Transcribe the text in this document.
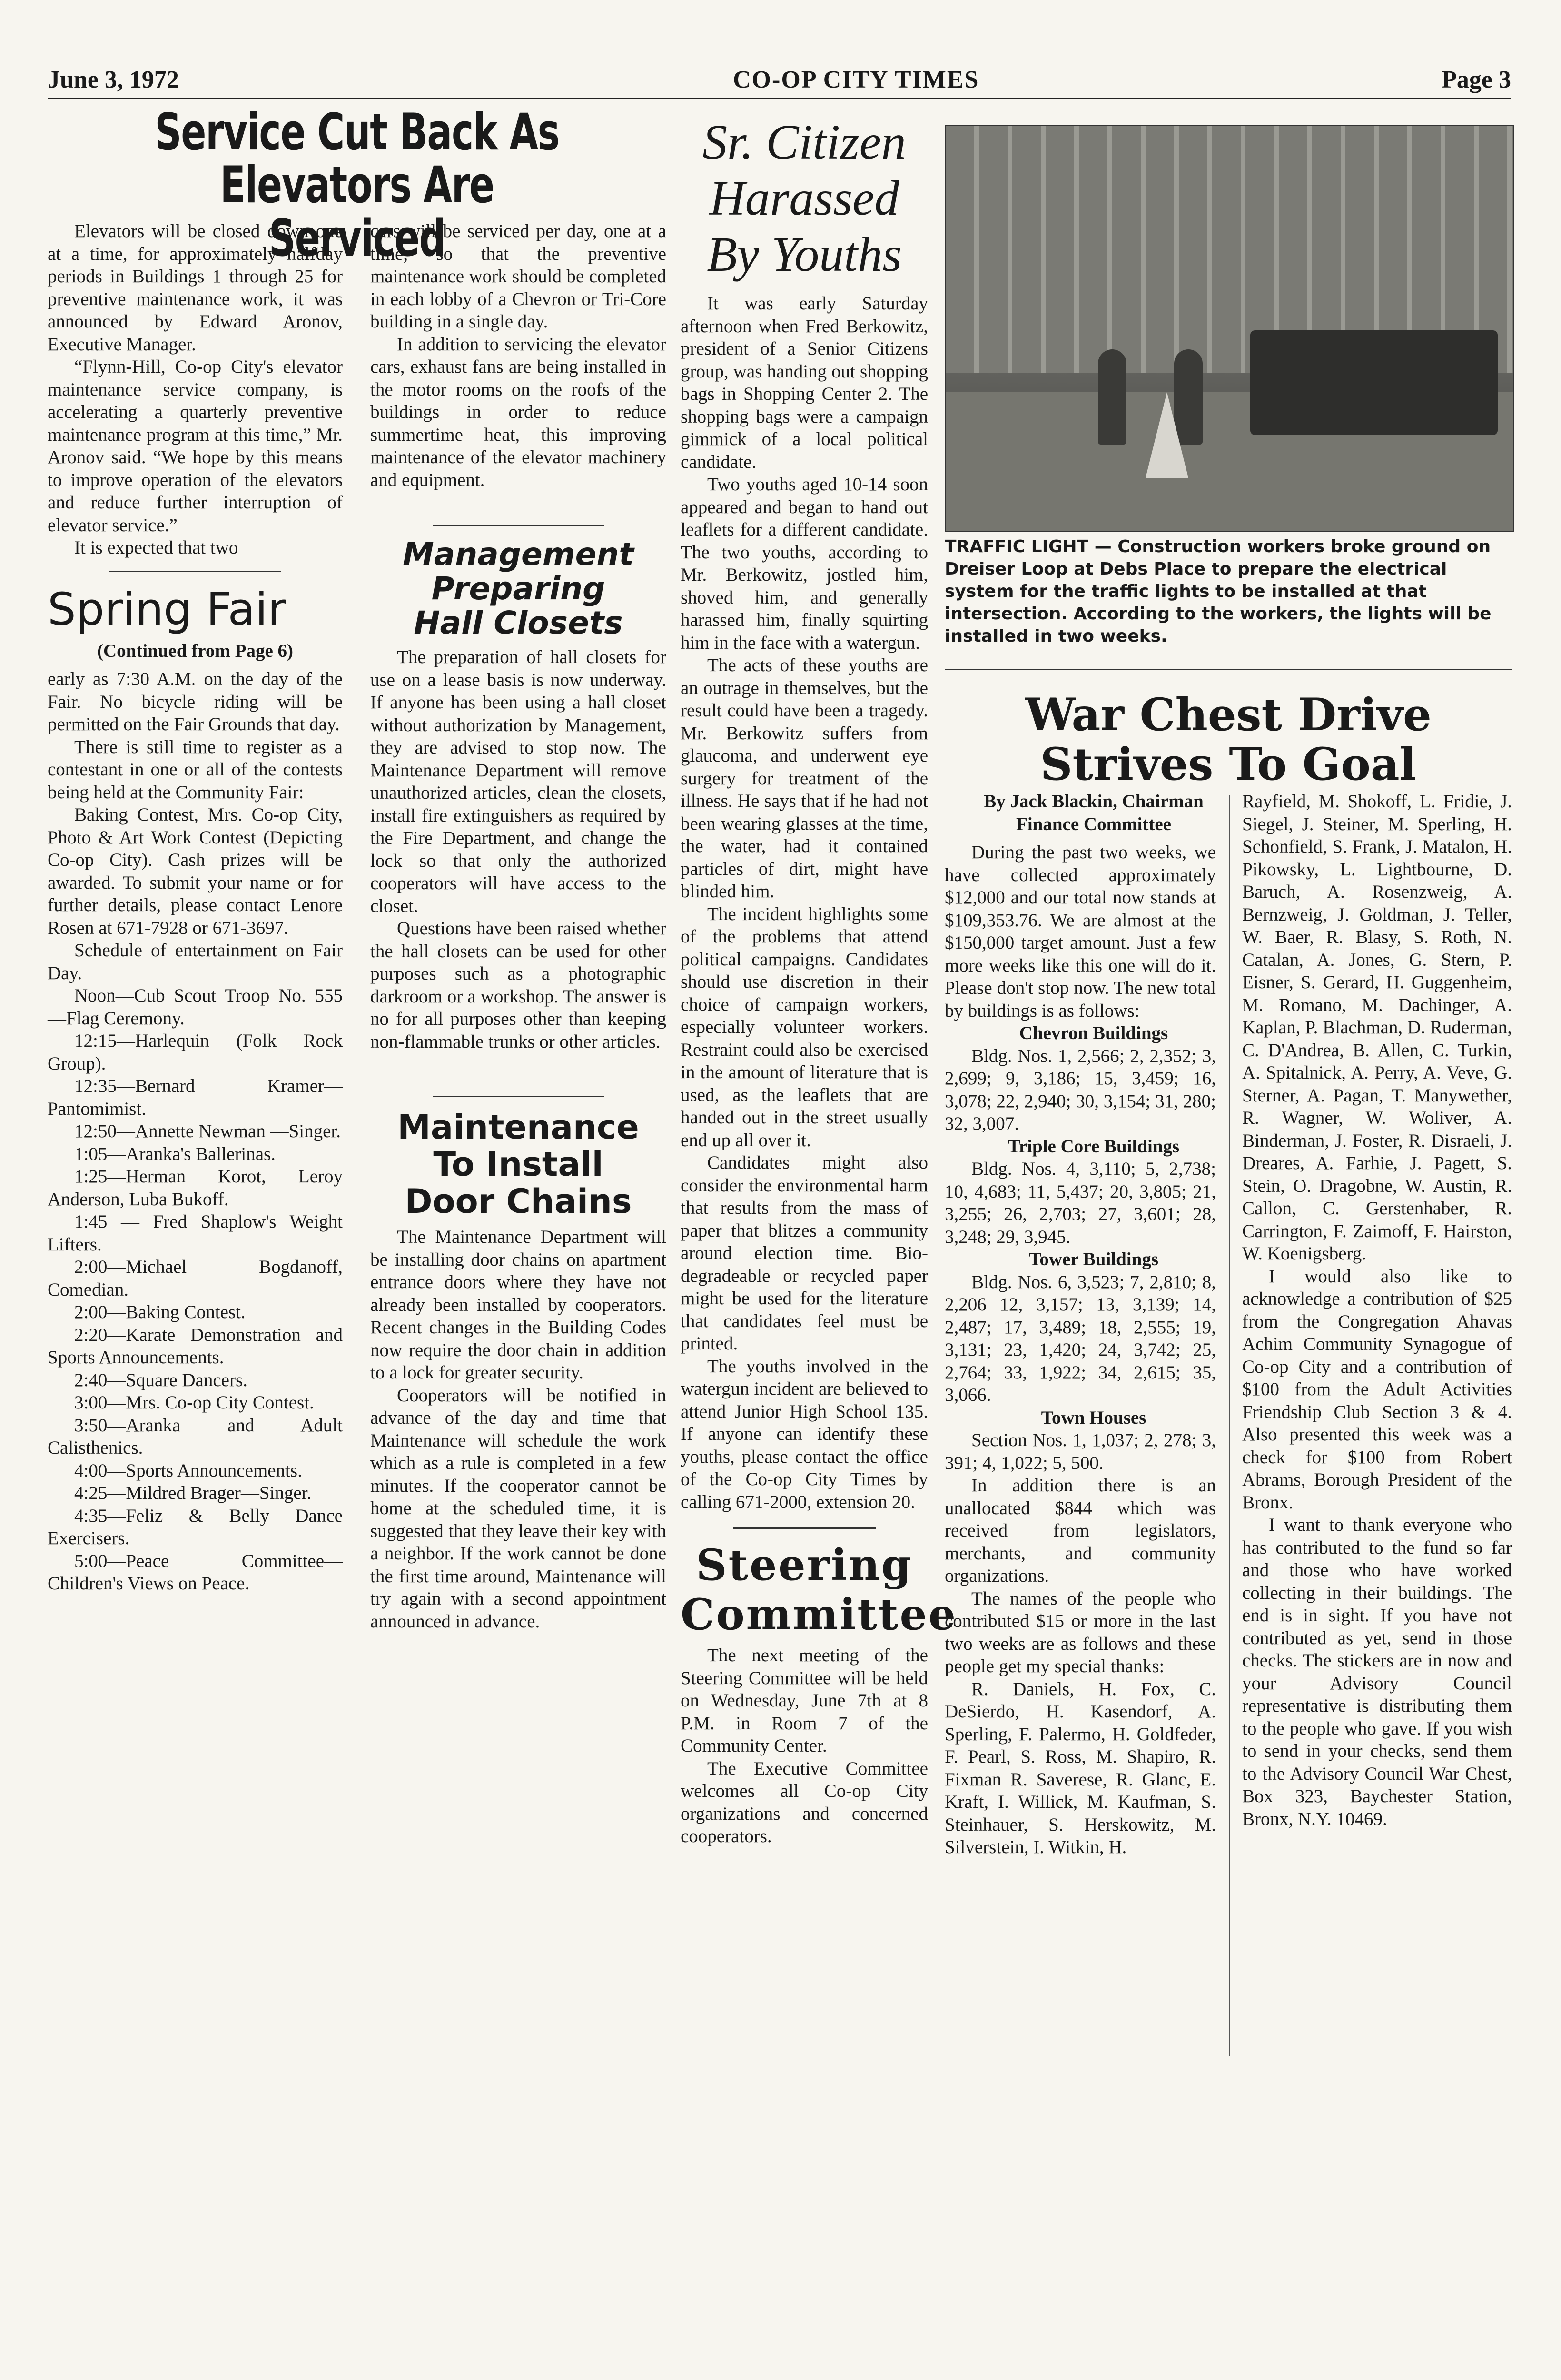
June 3, 1972	CO-OP CITY TIMES	Page 3
Service Cut Back As
Elevators Are Serviced

Elevators will be closed down one at a time, for approximately halfday periods in Buildings 1 through 25 for preventive maintenance work, it was announced by Edward Aronov, Executive Manager.

“Flynn-Hill, Co-op City's elevator maintenance service company, is accelerating a quarterly preventive maintenance program at this time,” Mr. Aronov said. “We hope by this means to improve operation of the elevators and reduce further interruption of elevator service.”

It is expected that two

Spring Fair

(Continued from Page 6)

early as 7:30 A.M. on the day of the Fair. No bicycle riding will be permitted on the Fair Grounds that day.

There is still time to register as a contestant in one or all of the contests being held at the Community Fair:

Baking Contest, Mrs. Co-op City, Photo & Art Work Contest (Depicting Co-op City). Cash prizes will be awarded. To submit your name or for further details, please contact Lenore Rosen at 671-7928 or 671-3697.

Schedule of entertainment on Fair Day.

Noon—Cub Scout Troop No. 555—Flag Ceremony.

12:15—Harlequin (Folk Rock Group).

12:35—Bernard Kramer—Pantomimist.

12:50—Annette Newman —Singer.

1:05—Aranka's Ballerinas.

1:25—Herman Korot, Leroy Anderson, Luba Bukoff.

1:45 — Fred Shaplow's Weight Lifters.

2:00—Michael Bogdanoff, Comedian.

2:00—Baking Contest.

2:20—Karate Demonstration and Sports Announcements.

2:40—Square Dancers.

3:00—Mrs. Co-op City Contest.

3:50—Aranka and Adult Calisthenics.

4:00—Sports Announcements.

4:25—Mildred Brager—Singer.

4:35—Feliz & Belly Dance Exercisers.

5:00—Peace Committee—Children's Views on Peace.

cars will be serviced per day, one at a time, so that the preventive maintenance work should be completed in each lobby of a Chevron or Tri-Core building in a single day.

In addition to servicing the elevator cars, exhaust fans are being installed in the motor rooms on the roofs of the buildings in order to reduce summertime heat, this improving maintenance of the elevator machinery and equipment.

Management
Preparing
Hall Closets

The preparation of hall closets for use on a lease basis is now underway. If anyone has been using a hall closet without authorization by Management, they are advised to stop now. The Maintenance Department will remove unauthorized articles, clean the closets, install fire extinguishers as required by the Fire Department, and change the lock so that only the authorized cooperators will have access to the closet.

Questions have been raised whether the hall closets can be used for other purposes such as a photographic darkroom or a workshop. The answer is no for all purposes other than keeping non-flammable trunks or other articles.

Maintenance
To Install
Door Chains

The Maintenance Department will be installing door chains on apartment entrance doors where they have not already been installed by cooperators. Recent changes in the Building Codes now require the door chain in addition to a lock for greater security.

Cooperators will be notified in advance of the day and time that Maintenance will schedule the work which as a rule is completed in a few minutes. If the cooperator cannot be home at the scheduled time, it is suggested that they leave their key with a neighbor. If the work cannot be done the first time around, Maintenance will try again with a second appointment announced in advance.

Sr. Citizen
Harassed
By Youths

It was early Saturday afternoon when Fred Berkowitz, president of a Senior Citizens group, was handing out shopping bags in Shopping Center 2. The shopping bags were a campaign gimmick of a local political candidate.

Two youths aged 10-14 soon appeared and began to hand out leaflets for a different candidate. The two youths, according to Mr. Berkowitz, jostled him, shoved him, and generally harassed him, finally squirting him in the face with a watergun.

The acts of these youths are an outrage in themselves, but the result could have been a tragedy. Mr. Berkowitz suffers from glaucoma, and underwent eye surgery for treatment of the illness. He says that if he had not been wearing glasses at the time, the water, had it contained particles of dirt, might have blinded him.

The incident highlights some of the problems that attend political campaigns. Candidates should use discretion in their choice of campaign workers, especially volunteer workers. Restraint could also be exercised in the amount of literature that is used, as the leaflets that are handed out in the street usually end up all over it.

Candidates might also consider the environmental harm that results from the mass of paper that blitzes a community around election time. Bio-degradeable or recycled paper might be used for the literature that candidates feel must be printed.

The youths involved in the watergun incident are believed to attend Junior High School 135. If anyone can identify these youths, please contact the office of the Co-op City Times by calling 671-2000, extension 20.

Steering
Committee

The next meeting of the Steering Committee will be held on Wednesday, June 7th at 8 P.M. in Room 7 of the Community Center.

The Executive Committee welcomes all Co-op City organizations and concerned cooperators.

TRAFFIC LIGHT — Construction workers broke ground on Dreiser Loop at Debs Place to prepare the electrical system for the traffic lights to be installed at that intersection. According to the workers, the lights will be installed in two weeks.
War Chest Drive
Strives To Goal

By Jack Blackin, Chairman

Finance Committee

During the past two weeks, we have collected approximately $12,000 and our total now stands at $109,353.76. We are almost at the $150,000 target amount. Just a few more weeks like this one will do it. Please don't stop now. The new total by buildings is as follows:

Chevron Buildings

Bldg. Nos. 1, 2,566; 2, 2,352; 3, 2,699; 9, 3,186; 15, 3,459; 16, 3,078; 22, 2,940; 30, 3,154; 31, 280; 32, 3,007.

Triple Core Buildings

Bldg. Nos. 4, 3,110; 5, 2,738; 10, 4,683; 11, 5,437; 20, 3,805; 21, 3,255; 26, 2,703; 27, 3,601; 28, 3,248; 29, 3,945.

Tower Buildings

Bldg. Nos. 6, 3,523; 7, 2,810; 8, 2,206 12, 3,157; 13, 3,139; 14, 2,487; 17, 3,489; 18, 2,555; 19, 3,131; 23, 1,420; 24, 3,742; 25, 2,764; 33, 1,922; 34, 2,615; 35, 3,066.

Town Houses

Section Nos. 1, 1,037; 2, 278; 3, 391; 4, 1,022; 5, 500.

In addition there is an unallocated $844 which was received from legislators, merchants, and community organizations.

The names of the people who contributed $15 or more in the last two weeks are as follows and these people get my special thanks:

R. Daniels, H. Fox, C. DeSierdo, H. Kasendorf, A. Sperling, F. Palermo, H. Goldfeder, F. Pearl, S. Ross, M. Shapiro, R. Fixman R. Saverese, R. Glanc, E. Kraft, I. Willick, M. Kaufman, S. Steinhauer, S. Herskowitz, M. Silverstein, I. Witkin, H.

Rayfield, M. Shokoff, L. Fridie, J. Siegel, J. Steiner, M. Sperling, H. Schonfield, S. Frank, J. Matalon, H. Pikowsky, L. Lightbourne, D. Baruch, A. Rosenzweig, A. Bernzweig, J. Goldman, J. Teller, W. Baer, R. Blasy, S. Roth, N. Catalan, A. Jones, G. Stern, P. Eisner, S. Gerard, H. Guggenheim, M. Romano, M. Dachinger, A. Kaplan, P. Blachman, D. Ruderman, C. D'Andrea, B. Allen, C. Turkin, A. Spitalnick, A. Perry, A. Veve, G. Sterner, A. Pagan, T. Manywether, R. Wagner, W. Woliver, A. Binderman, J. Foster, R. Disraeli, J. Dreares, A. Farhie, J. Pagett, S. Stein, O. Dragobne, W. Austin, R. Callon, C. Gerstenhaber, R. Carrington, F. Zaimoff, F. Hairston, W. Koenigsberg.

I would also like to acknowledge a contribution of $25 from the Congregation Ahavas Achim Community Synagogue of Co-op City and a contribution of $100 from the Adult Activities Friendship Club Section 3 & 4. Also presented this week was a check for $100 from Robert Abrams, Borough President of the Bronx.

I want to thank everyone who has contributed to the fund so far and those who have worked collecting in their buildings. The end is in sight. If you have not contributed as yet, send in those checks. The stickers are in now and your Advisory Council representative is distributing them to the people who gave. If you wish to send in your checks, send them to the Advisory Council War Chest, Box 323, Baychester Station, Bronx, N.Y. 10469.
